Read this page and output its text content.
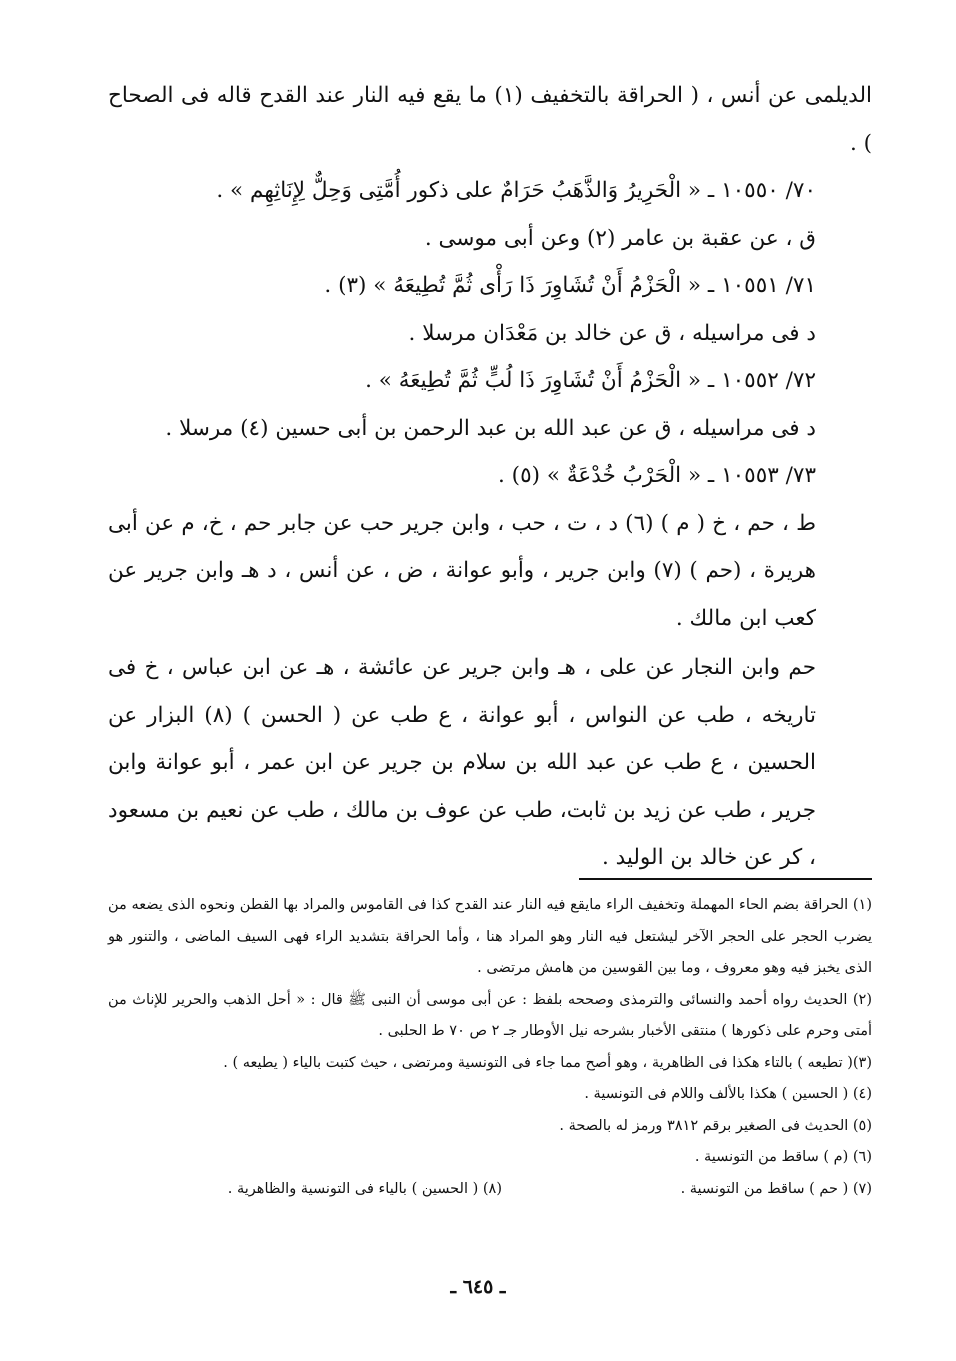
الديلمى عن أنس ، ( الحراقة بالتخفيف (١) ما يقع فيه النار عند القدح قاله فى الصحاح ) .

٧٠/ ١٠٥٥٠ ـ « الْحَرِيرُ وَالذَّهَبُ حَرَامٌ على ذكور أُمَّتِى وَحِلٌّ لِإِنَاثِهِم » .

ق ، عن عقبة بن عامر (٢) وعن أبى موسى .

٧١/ ١٠٥٥١ ـ « الْحَزْمُ أَنْ تُشَاوِرَ ذَا رَأْى ثُمَّ تُطِيعَهُ » (٣) .

د فى مراسيله ، ق عن خالد بن مَعْدَان مرسلا .

٧٢/ ١٠٥٥٢ ـ « الْحَزْمُ أَنْ تُشَاوِرَ ذَا لُبٍّ ثُمَّ تُطِيعَهُ » .

د فى مراسيله ، ق عن عبد الله بن عبد الرحمن بن أبى حسين (٤) مرسلا .

٧٣/ ١٠٥٥٣ ـ « الْحَرْبُ خُدْعَةٌ » (٥) .

ط ، حم ، خ ( م ) (٦) د ، ت ، حب ، وابن جرير حب عن جابر حم ، خ، م عن أبى هريرة ، (حم ) (٧) وابن جرير ، وأبو عوانة ، ض ، عن أنس ، د هـ وابن جرير عن كعب ابن مالك .

حم وابن النجار عن على ، هـ وابن جرير عن عائشة ، هـ عن ابن عباس ، خ فى تاريخه ، طب عن النواس ، أبو عوانة ، ع طب عن ( الحسن ) (٨) البزار عن الحسين ، ع طب عن عبد الله بن سلام بن جرير عن ابن عمر ، أبو عوانة وابن جرير ، طب عن زيد بن ثابت، طب عن عوف بن مالك ، طب عن نعيم بن مسعود ، كر عن خالد بن الوليد .

(١) الحراقة بضم الحاء المهملة وتخفيف الراء مايقع فيه النار عند القدح كذا فى القاموس والمراد بها القطن ونحوه الذى يضعه من يضرب الحجر على الحجر الآخر ليشتعل فيه النار وهو المراد هنا ، وأما الحراقة بتشديد الراء فهى السيف الماضى ، والتنور هو الذى يخبز فيه وهو معروف ، وما بين القوسين من هامش مرتضى .

(٢) الحديث رواه أحمد والنسائى والترمذى وصححه بلفظ : عن أبى موسى أن النبى ﷺ قال : « أحل الذهب والحرير للإناث من أمتى وحرم على ذكورها ) منتقى الأخبار بشرحه نيل الأوطار جـ ٢ ص ٧٠ ط الحلبى .

(٣)( تطيعه ) بالتاء هكذا فى الظاهرية ، وهو أصح مما جاء فى التونسية ومرتضى ، حيث كتبت بالياء ( يطيعه ) .

(٤) ( الحسين ) هكذا بالألف واللام فى التونسية .

(٥) الحديث فى الصغير برقم ٣٨١٢ ورمز له بالصحة .

(٦) (م ) ساقط من التونسية .

(٧) ( حم ) ساقط من التونسية .
(٨) ( الحسين ) بالياء فى التونسية والظاهرية .
ـ ٦٤٥ ـ
